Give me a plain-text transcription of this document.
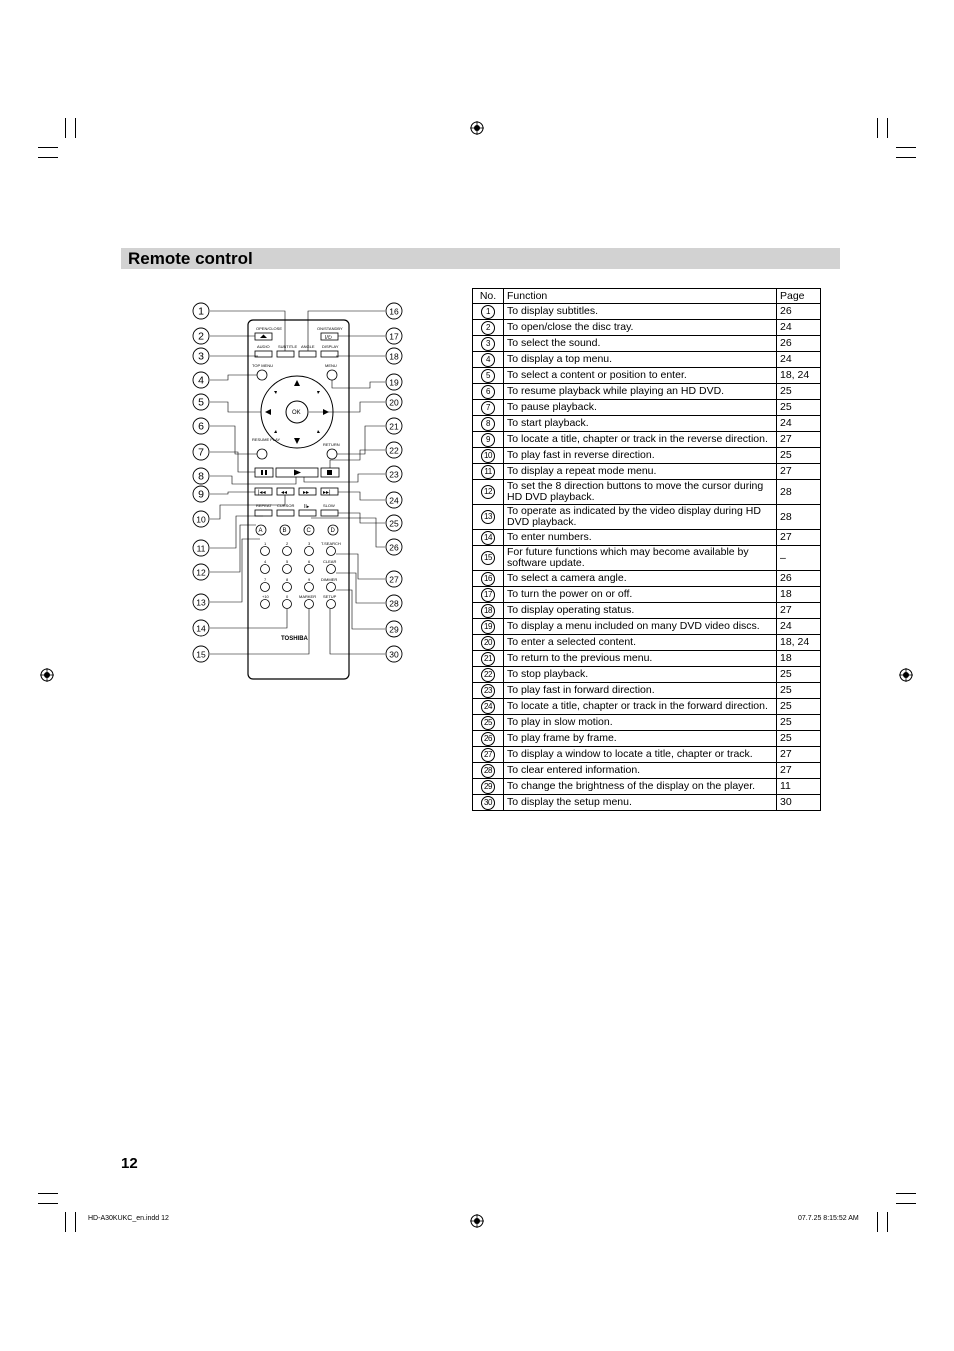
Remote control
OPEN/CLOSE	ON/STANDBY
I/⏻
AUDIO SUBTITLE ANGLE DISPLAY
TOP MENU	MENU
OK
RESUME PLAY
RETURN
|◂◂	◂◂	▸▸ ▸▸|
REPEAT CURSOR II▸	SLOW
A	B	C	D
1	2	3	T.SEARCH
4	5	6	CLEAR
7	8	9	DIMMER
+10	0	MARKER SETUP
TOSHIBA
1
2
3
4
5
6
7
8
9
10
11
12
13
14
15
16
17
18
19
20
21
22
23
24
25
26
27
28
29
30
No.	Function	Page
1	To display subtitles.	26
2	To open/close the disc tray.	24
3	To select the sound.	26
4	To display a top menu.	24
5	To select a content or position to enter.	18, 24
6	To resume playback while playing an HD DVD.	25
7	To pause playback.	25
8	To start playback.	24
9	To locate a title, chapter or track in the reverse direction.	27
10	To play fast in reverse direction.	25
11	To display a repeat mode menu.	27
12	To set the 8 direction buttons to move the cursor during HD DVD playback.	28
13	To operate as indicated by the video display during HD DVD playback.	28
14	To enter numbers.	27
15	For future functions which may become available by software update.	–
16	To select a camera angle.	26
17	To turn the power on or off.	18
18	To display operating status.	27
19	To display a menu included on many DVD video discs.	24
20	To enter a selected content.	18, 24
21	To return to the previous menu.	18
22	To stop playback.	25
23	To play fast in forward direction.	25
24	To locate a title, chapter or track in the forward direction.	25
25	To play in slow motion.	25
26	To play frame by frame.	25
27	To display a window to locate a title, chapter or track.	27
28	To clear entered information.	27
29	To change the brightness of the display on the player.	11
30	To display the setup menu.	30
12
HD-A30KUKC_en.indd 12	07.7.25 8:15:52 AM
